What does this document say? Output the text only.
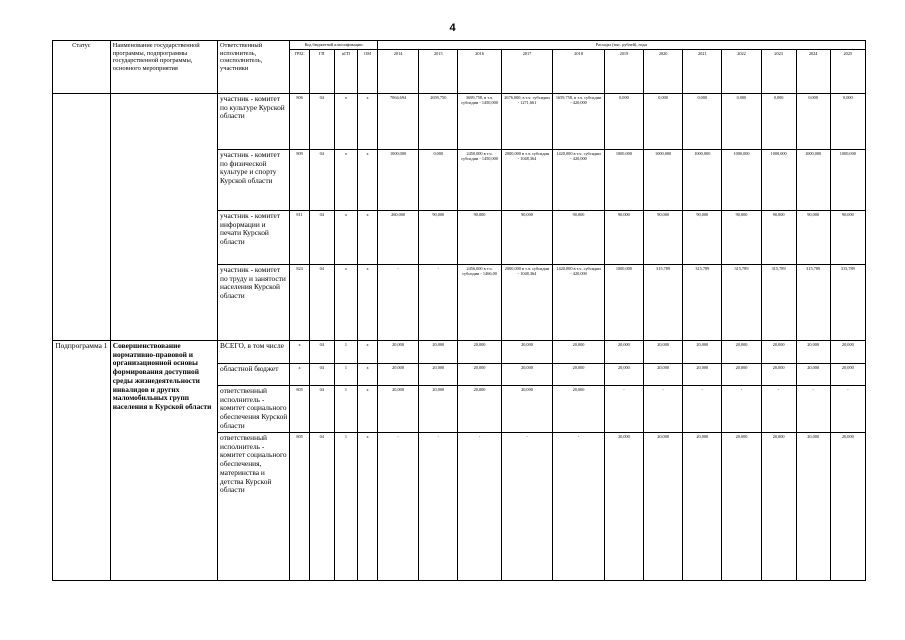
4
Статус	Наименование государственной программы, подпрограммы государственной программы, основного мероприятия	Ответственный исполнитель, соисполнитель, участники	Код бюджетной классификации				Расходы (тыс. рублей), годы											
			ГРБС	ГП	пГП	ОМ	2014	2015	2016	2017	2018	2019	2020	2021	2022	2023	2024	2025
		участник - комитет по культуре Курской области	806	04	x	x	7064,694	2659,750	3699,758, в т.ч. субсидии - 1450,000	2676,000, в т.ч. субсидии - 1271,661	1659,758, в т.ч. субсидии - 420,000	0,000	0,000	0,000	0,000	0,000	0,000	0,000
		участник - комитет по физической культуре и спорту Курской области	809	04	x	x	1000,000	0,000	2450,000 в т.ч. субсидии - 1450,000	2000,000 в т.ч. субсидии - 1048,364	1420,000 в т.ч. субсидии - 420,000	1000,000	1000,000	1000,000	1000,000	1000,000	1000,000	1000,000
		участник - комитет информации и печати Курской области	811	04	x	x	260,000	90,000	90,000	90,000	90,000	90,000	90,000	90,000	90,000	90,000	90,000	90,000
		участник - комитет по труду и занятости населения Курской области	824	04	x	x	-	-	2456,000 в т.ч. субсидии - 1466,00	2000,000 в т.ч. субсидии - 1048,364	1420,000 в т.ч. субсидии - 420,000	1000,000	315,789	315,789	315,789	315,789	315,789	315,789
Подпрограмма 1	Совершенствование нормативно-правовой и организационной основы формирования доступной среды жизнедеятельности инвалидов и других маломобильных групп населения в Курской области	ВСЕГО, в том числе	x	04	1	x	20,000	20,000	20,000	20,000	20,000	20,000	20,000	20,000	20,000	20,000	20,000	20,000
		областной бюджет	x	04	1	x	20,000	20,000	20,000	20,000	20,000	20,000	20,000	20,000	20,000	20,000	20,000	20,000
		ответственный исполнитель - комитет социального обеспечения Курской области	805	04	1	x	20,000	20,000	20,000	20,000	20,000	-	-	-	-	-	-	-
		ответственный исполнитель - комитет социального обеспечения, материнства и детства Курской области	805	04	1	x	-	-	-	-	-	20,000	20,000	20,000	20,000	20,000	20,000	20,000
